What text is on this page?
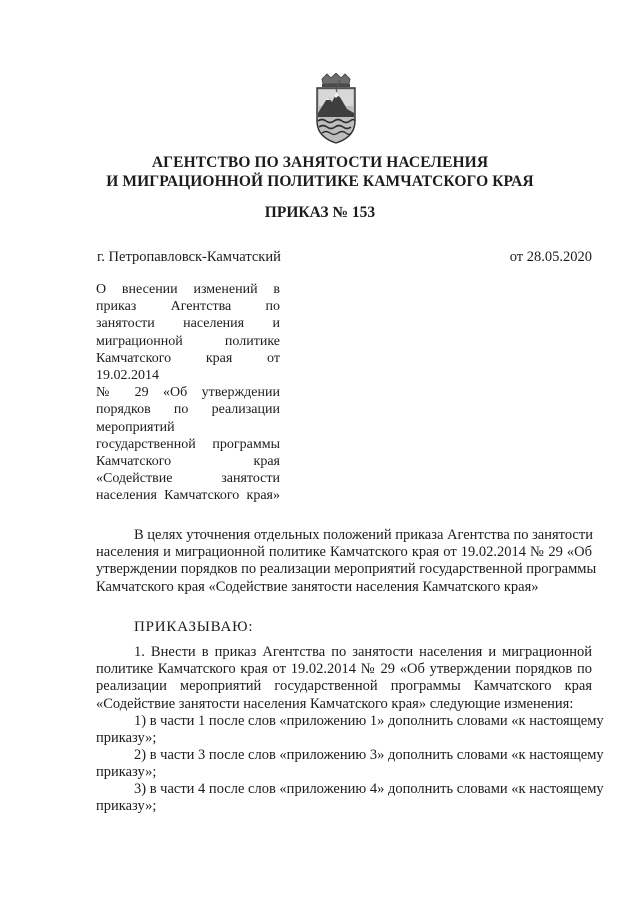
АГЕНТСТВО ПО ЗАНЯТОСТИ НАСЕЛЕНИЯ
И МИГРАЦИОННОЙ ПОЛИТИКЕ КАМЧАТСКОГО КРАЯ
ПРИКАЗ № 153
г. Петропавловск-Камчатский	от 28.05.2020
О внесении изменений в
приказ Агентства по
занятости населения и
миграционной политике
Камчатского края от
19.02.2014
№ 29 «Об утверждении
порядков по реализации
мероприятий
государственной программы
Камчатского края
«Содействие занятости
населения Камчатского края»
В целях уточнения отдельных положений приказа Агентства по занятости
населения и миграционной политике Камчатского края от 19.02.2014 № 29 «Об
утверждении порядков по реализации мероприятий государственной программы
Камчатского края «Содействие занятости населения Камчатского края»
ПРИКАЗЫВАЮ:
1. Внести в приказ Агентства по занятости населения и миграционной
политике Камчатского края от 19.02.2014 № 29 «Об утверждении порядков по
реализации мероприятий государственной программы Камчатского края
«Содействие занятости населения Камчатского края» следующие изменения:
1) в части 1 после слов «приложению 1» дополнить словами «к настоящему
приказу»;
2) в части 3 после слов «приложению 3» дополнить словами «к настоящему
приказу»;
3) в части 4 после слов «приложению 4» дополнить словами «к настоящему
приказу»;
